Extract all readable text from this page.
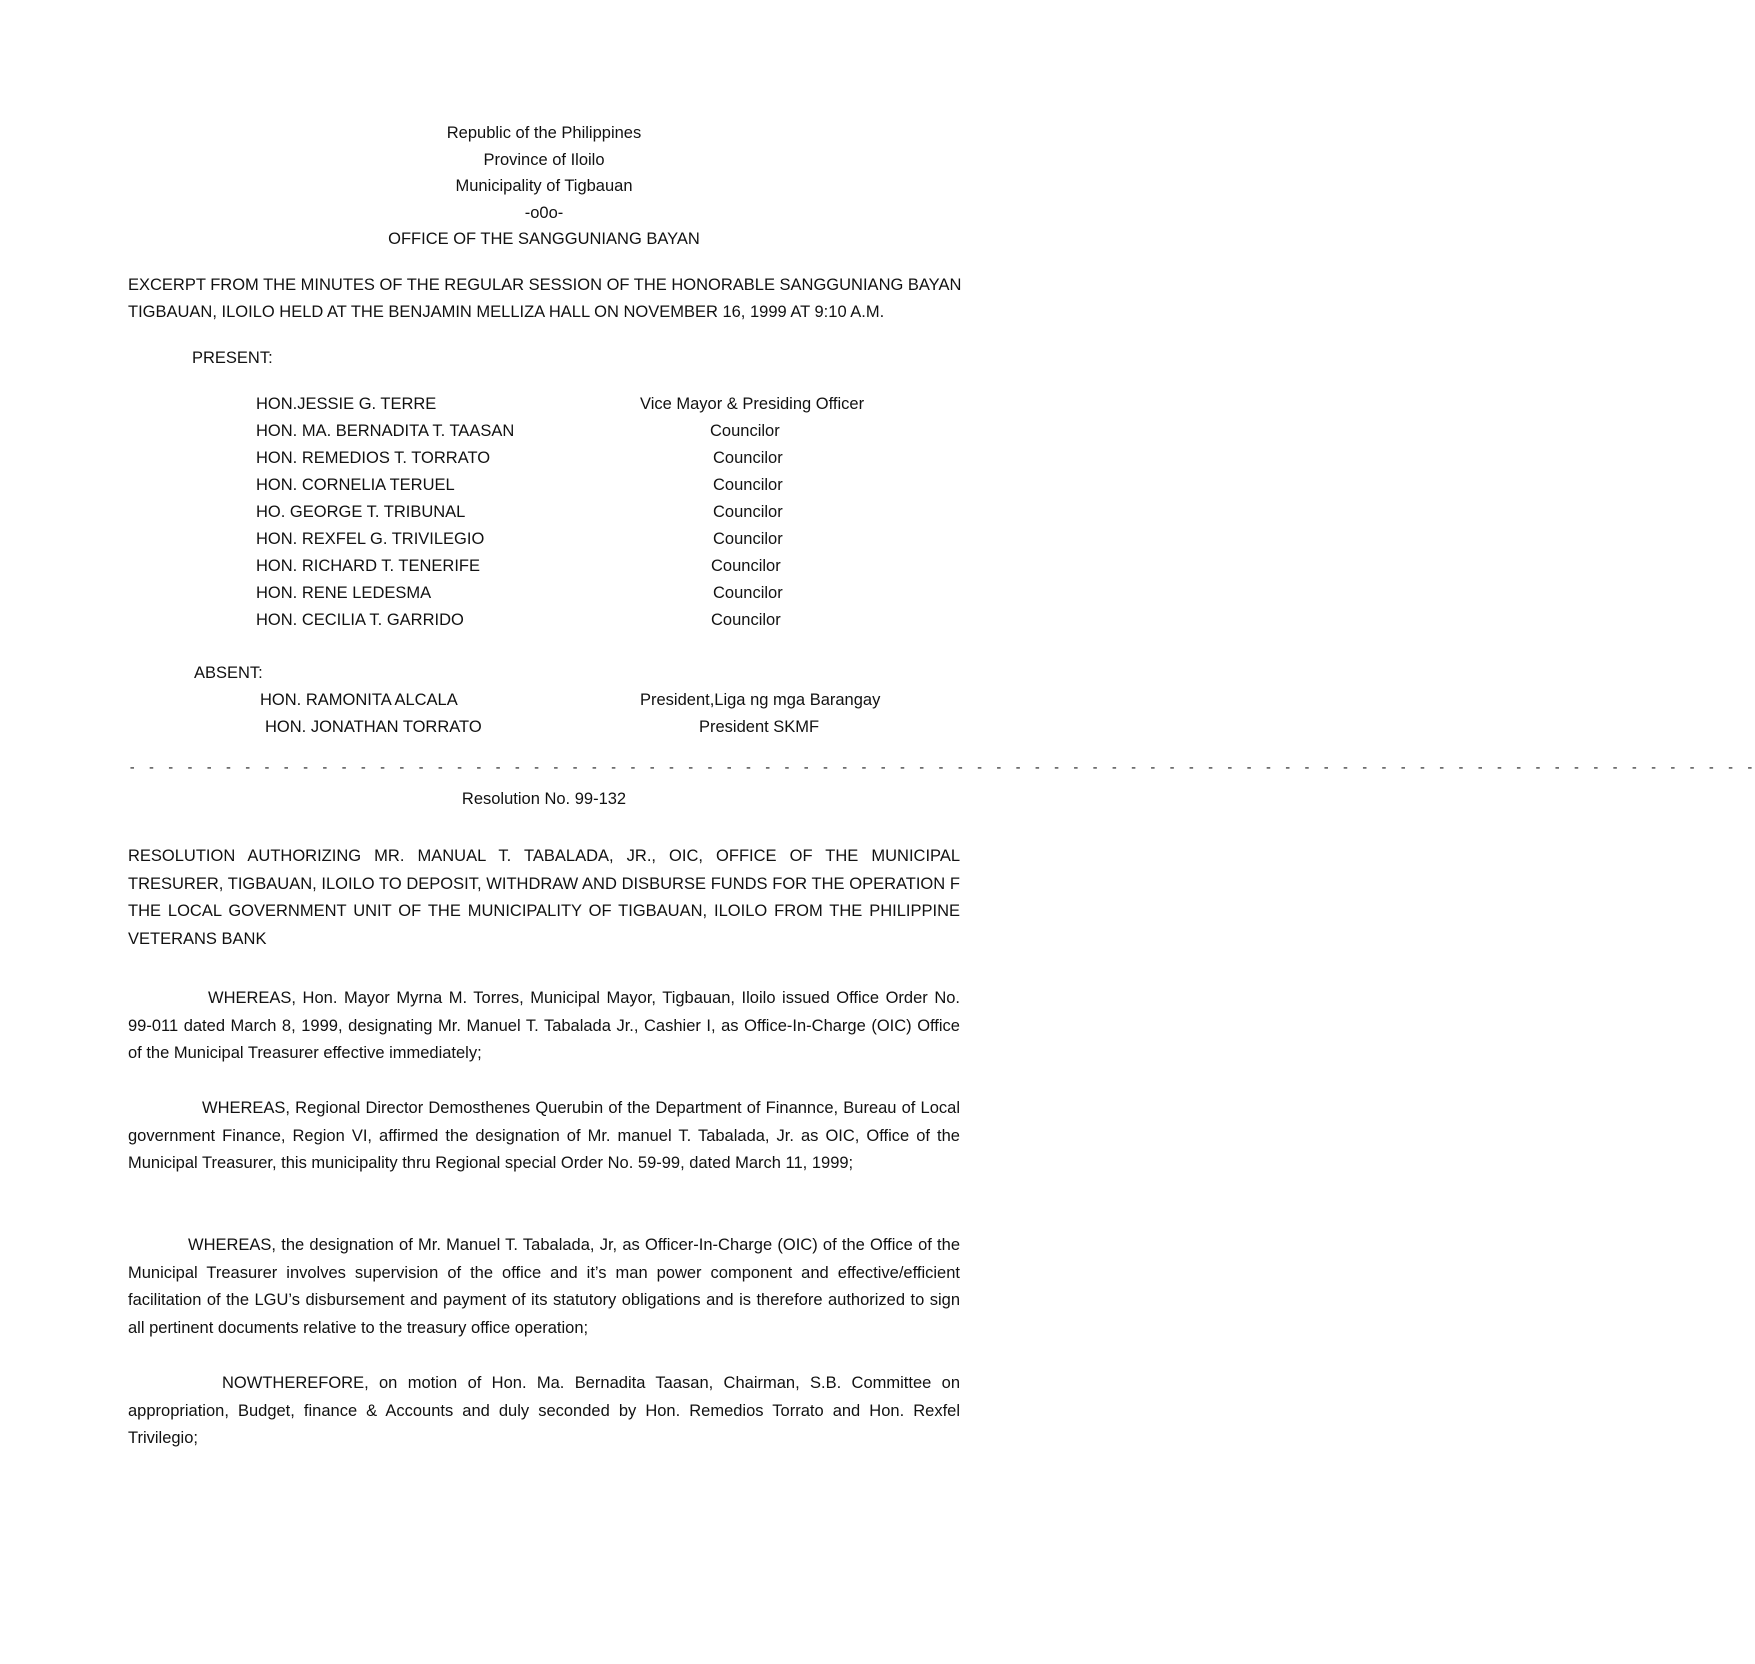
Republic of the Philippines
Province of Iloilo
Municipality of Tigbauan
-o0o-
OFFICE OF THE SANGGUNIANG BAYAN
EXCERPT FROM THE MINUTES OF THE REGULAR SESSION OF THE HONORABLE SANGGUNIANG BAYAN
TIGBAUAN, ILOILO HELD AT THE BENJAMIN MELLIZA HALL ON NOVEMBER 16, 1999 AT 9:10 A.M.
PRESENT:
HON.JESSIE G. TERRE	Vice Mayor & Presiding Officer
HON. MA. BERNADITA T. TAASAN	Councilor
HON. REMEDIOS T. TORRATO	Councilor
HON. CORNELIA TERUEL	Councilor
HO. GEORGE T. TRIBUNAL	Councilor
HON. REXFEL G. TRIVILEGIO	Councilor
HON. RICHARD T. TENERIFE	Councilor
HON. RENE LEDESMA	Councilor
HON. CECILIA T. GARRIDO	Councilor
ABSENT:
HON. RAMONITA ALCALA	President,Liga ng mga Barangay
HON. JONATHAN TORRATO	President SKMF
- - - - - - - - - - - - - - - - - - - - - - - - - - - - - - - - - - - - - - - - - - - - - - - - - - - - - - - - - - - - - - - - - - - - - - - - - - - - - - - - - - - - -
Resolution No. 99-132
RESOLUTION AUTHORIZING MR. MANUAL T. TABALADA, JR., OIC, OFFICE OF THE MUNICIPAL TRESURER, TIGBAUAN, ILOILO TO DEPOSIT, WITHDRAW AND DISBURSE FUNDS FOR THE OPERATION F THE LOCAL GOVERNMENT UNIT OF THE MUNICIPALITY OF TIGBAUAN, ILOILO FROM THE PHILIPPINE VETERANS BANK
WHEREAS, Hon. Mayor Myrna M. Torres, Municipal Mayor, Tigbauan, Iloilo issued Office Order No. 99-011 dated March 8, 1999, designating Mr. Manuel T. Tabalada Jr., Cashier I, as Office-In-Charge (OIC) Office of the Municipal Treasurer effective immediately;
WHEREAS, Regional Director Demosthenes Querubin of the Department of Finannce, Bureau of Local government Finance, Region VI, affirmed the designation of Mr. manuel T. Tabalada, Jr. as OIC, Office of the Municipal Treasurer, this municipality thru Regional special Order No. 59-99, dated March 11, 1999;
WHEREAS, the designation of Mr. Manuel T. Tabalada, Jr, as Officer-In-Charge (OIC) of the Office of the Municipal Treasurer involves supervision of the office and it’s man power component and effective/efficient facilitation of the LGU’s disbursement and payment of its statutory obligations and is therefore authorized to sign all pertinent documents relative to the treasury office operation;
NOWTHEREFORE, on motion of Hon. Ma. Bernadita Taasan, Chairman, S.B. Committee on appropriation, Budget, finance & Accounts and duly seconded by Hon. Remedios Torrato and Hon. Rexfel Trivilegio;
